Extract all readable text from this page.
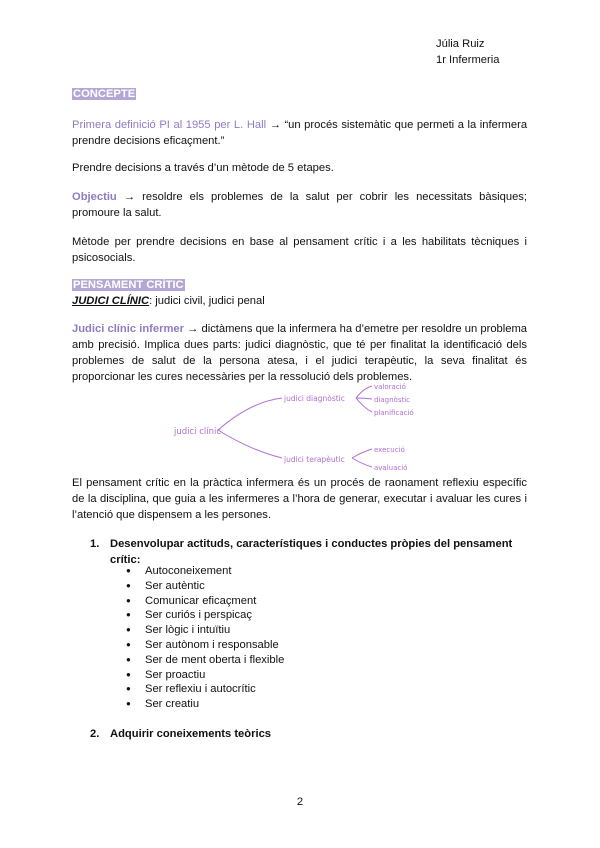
Júlia Ruiz
1r Infermeria
CONCEPTE
Primera definició PI al 1955 per L. Hall → “un procés sistemàtic que permeti a la infermera prendre decisions eficaçment.”
Prendre decisions a través d’un mètode de 5 etapes.
Objectiu → resoldre els problemes de la salut per cobrir les necessitats bàsiques; promoure la salut.
Mètode per prendre decisions en base al pensament crític i a les habilitats tècniques i psicosocials.
PENSAMENT CRÍTIC
JUDICI CLÍNIC: judici civil, judici penal
Judici clínic infermer → dictàmens que la infermera ha d’emetre per resoldre un problema amb precisió. Implica dues parts: judici diagnòstic, que té per finalitat la identificació dels problemes de salut de la persona atesa, i el judici terapèutic, la seva finalitat és proporcionar les cures necessàries per la ressolució dels problemes.
judici clínic
judici diagnòstic
judici terapèutic
valoració
diagnòstic
planificació
execució
avaluació
El pensament crític en la pràctica infermera és un procés de raonament reflexiu específic de la disciplina, que guia a les infermeres a l’hora de generar, executar i avaluar les cures i l’atenció que dispensem a les persones.
1. Desenvolupar actituds, característiques i conductes pròpies del pensament crític:
● Autoconeixement
● Ser autèntic
● Comunicar eficaçment
● Ser curiós i perspicaç
● Ser lògic i intuïtiu
● Ser autònom i responsable
● Ser de ment oberta i flexible
● Ser proactiu
● Ser reflexiu i autocrític
● Ser creatiu
2. Adquirir coneixements teòrics
2
